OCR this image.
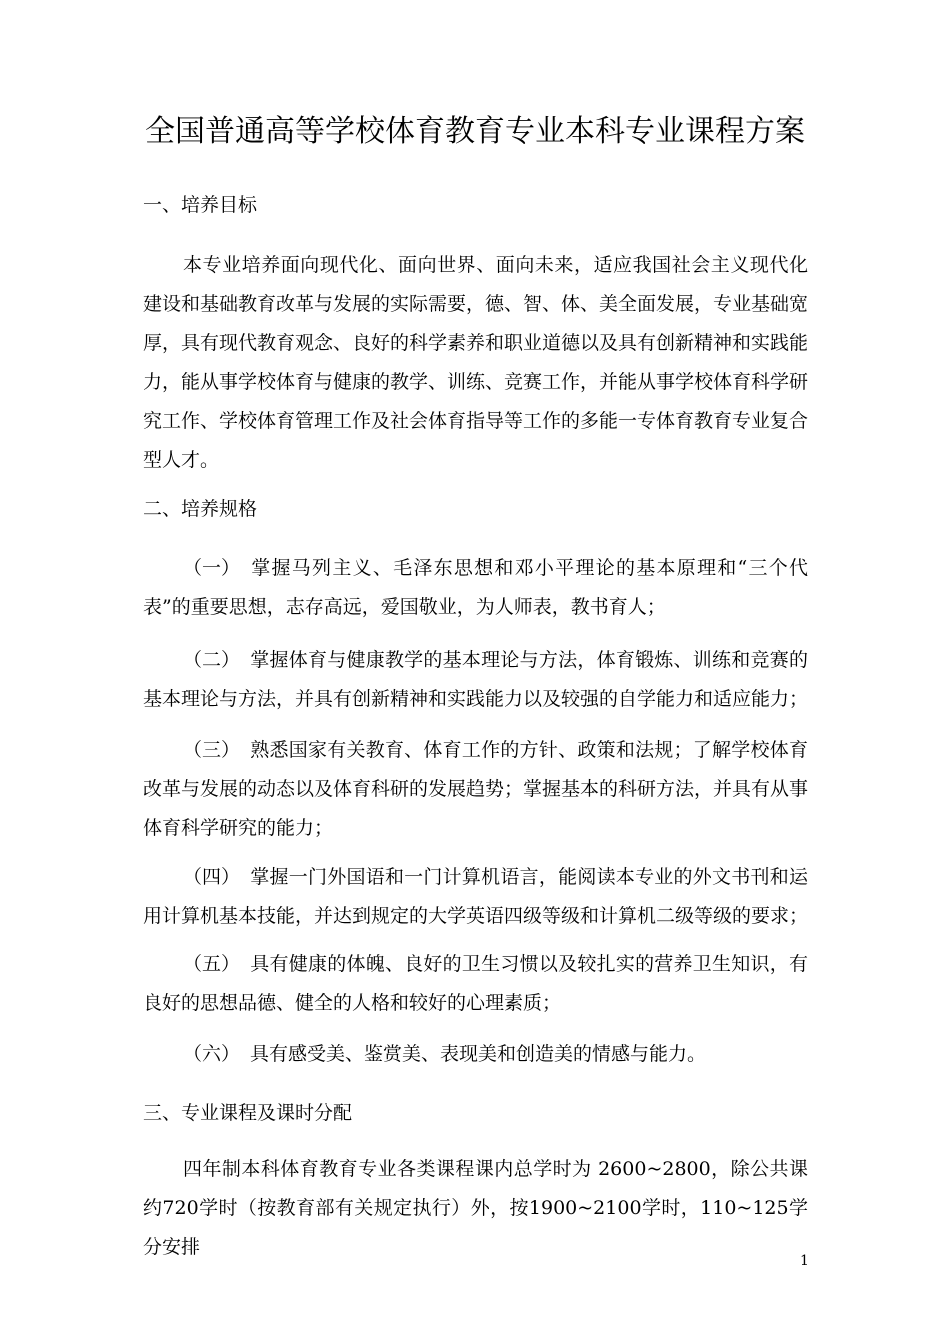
全国普通高等学校体育教育专业本科专业课程方案
一、培养目标
本专业培养面向现代化、面向世界、面向未来，适应我国社会主义现代化建设和基础教育改革与发展的实际需要，德、智、体、美全面发展，专业基础宽厚，具有现代教育观念、良好的科学素养和职业道德以及具有创新精神和实践能力，能从事学校体育与健康的教学、训练、竞赛工作，并能从事学校体育科学研究工作、学校体育管理工作及社会体育指导等工作的多能一专体育教育专业复合型人才。
二、培养规格
（一） 掌握马列主义、毛泽东思想和邓小平理论的基本原理和“三个代表”的重要思想，志存高远，爱国敬业，为人师表，教书育人；
（二） 掌握体育与健康教学的基本理论与方法，体育锻炼、训练和竞赛的基本理论与方法，并具有创新精神和实践能力以及较强的自学能力和适应能力；
（三） 熟悉国家有关教育、体育工作的方针、政策和法规；了解学校体育改革与发展的动态以及体育科研的发展趋势；掌握基本的科研方法，并具有从事体育科学研究的能力；
（四） 掌握一门外国语和一门计算机语言，能阅读本专业的外文书刊和运用计算机基本技能，并达到规定的大学英语四级等级和计算机二级等级的要求；
（五） 具有健康的体魄、良好的卫生习惯以及较扎实的营养卫生知识，有良好的思想品德、健全的人格和较好的心理素质；
（六） 具有感受美、鉴赏美、表现美和创造美的情感与能力。
三、专业课程及课时分配
四年制本科体育教育专业各类课程课内总学时为 2600~2800，除公共课约720学时（按教育部有关规定执行）外，按1900~2100学时，110~125学分安排
1
